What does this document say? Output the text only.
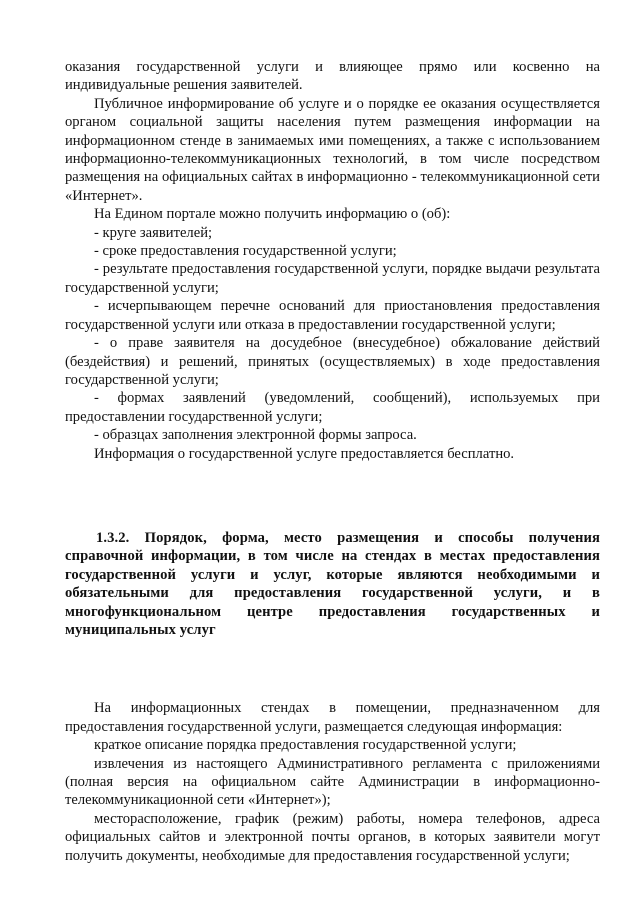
оказания государственной услуги и влияющее прямо или косвенно на индивидуальные решения заявителей.

Публичное информирование об услуге и о порядке ее оказания осуществляется органом социальной защиты населения путем размещения информации на информационном стенде в занимаемых ими помещениях, а также с использованием информационно-телекоммуникационных технологий, в том числе посредством размещения на официальных сайтах в информационно - телекоммуникационной сети «Интернет».

На Едином портале можно получить информацию о (об):

- круге заявителей;

- сроке предоставления государственной услуги;

- результате предоставления государственной услуги, порядке выдачи результата государственной услуги;

- исчерпывающем перечне оснований для приостановления предоставления государственной услуги или отказа в предоставлении государственной услуги;

- о праве заявителя на досудебное (внесудебное) обжалование действий (бездействия) и решений, принятых (осуществляемых) в ходе предоставления государственной услуги;

- формах заявлений (уведомлений, сообщений), используемых при предоставлении государственной услуги;

- образцах заполнения электронной формы запроса.

Информация о государственной услуге предоставляется бесплатно.

1.3.2. Порядок, форма, место размещения и способы получения справочной информации, в том числе на стендах в местах предоставления государственной услуги и услуг, которые являются необходимыми и обязательными для предоставления государственной услуги, и в многофункциональном центре предоставления государственных и муниципальных услуг

На информационных стендах в помещении, предназначенном для предоставления государственной услуги, размещается следующая информация:

краткое описание порядка предоставления государственной услуги;

извлечения из настоящего Административного регламента с приложениями (полная версия на официальном сайте Администрации в информационно-телекоммуникационной сети «Интернет»);

месторасположение, график (режим) работы, номера телефонов, адреса официальных сайтов и электронной почты органов, в которых заявители могут получить документы, необходимые для предоставления государственной услуги;
